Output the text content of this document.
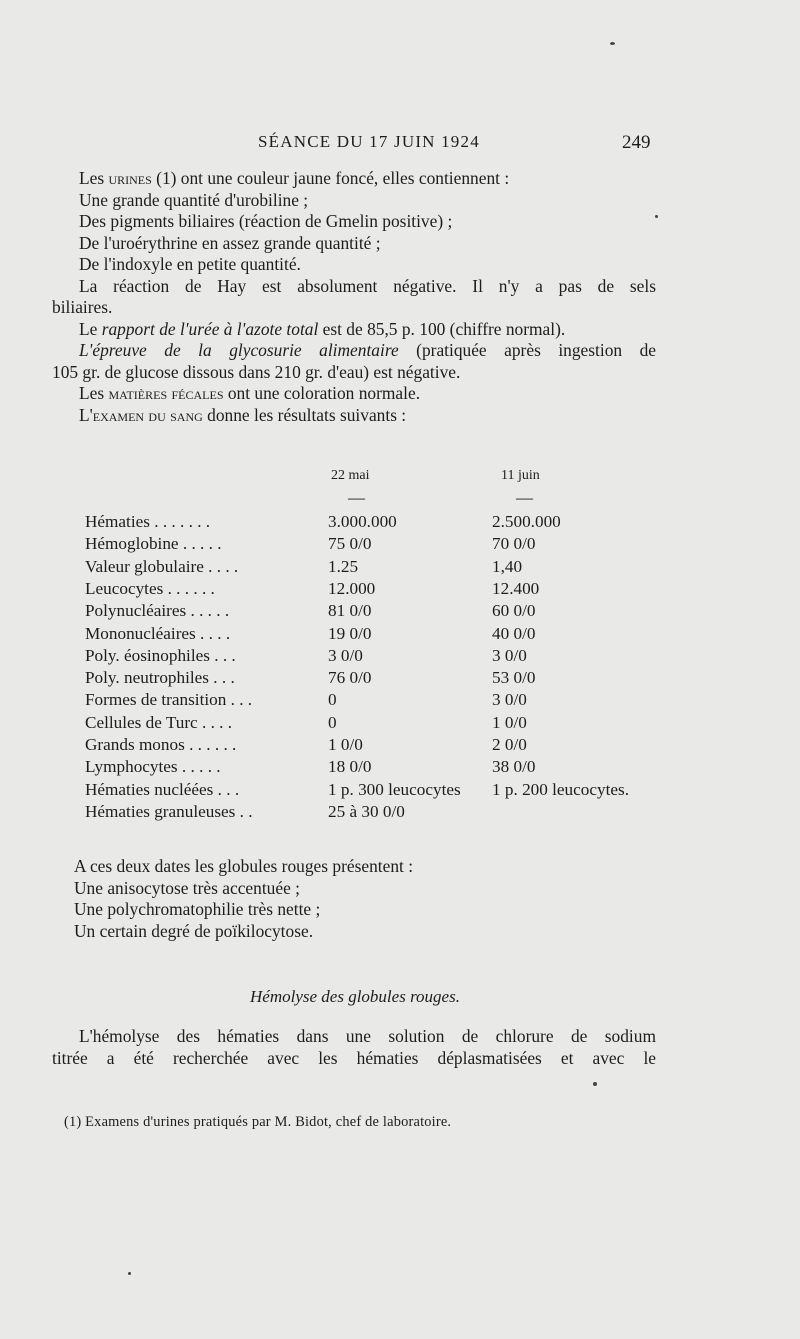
SÉANCE DU 17 JUIN 1924	249

Les urines (1) ont une couleur jaune foncé, elles contiennent :

Une grande quantité d'urobiline ;

Des pigments biliaires (réaction de Gmelin positive) ;

De l'uroérythrine en assez grande quantité ;

De l'indoxyle en petite quantité.

La réaction de Hay est absolument négative. Il n'y a pas de sels

biliaires.

Le rapport de l'urée à l'azote total est de 85,5 p. 100 (chiffre normal).

L'épreuve de la glycosurie alimentaire (pratiquée après ingestion de

105 gr. de glucose dissous dans 210 gr. d'eau) est négative.

Les matières fécales ont une coloration normale.

L'examen du sang donne les résultats suivants :

22 mai	11 juin
—	—
Hématies . . . . . . .	3.000.000	2.500.000
Hémoglobine . . . . .	75 0/0	70 0/0
Valeur globulaire . . . .	1.25	1,40
Leucocytes . . . . . .	12.000	12.400
Polynucléaires . . . . .	81 0/0	60 0/0
Mononucléaires . . . .	19 0/0	40 0/0
Poly. éosinophiles . . .	3 0/0	3 0/0
Poly. neutrophiles . . .	76 0/0	53 0/0
Formes de transition . . .	0	3 0/0
Cellules de Turc . . . .	0	1 0/0
Grands monos . . . . . .	1 0/0	2 0/0
Lymphocytes . . . . .	18 0/0	38 0/0
Hématies nucléées . . .	1 p. 300 leucocytes 1 p. 200 leucocytes.
Hématies granuleuses . .	25 à 30 0/0

A ces deux dates les globules rouges présentent :

Une anisocytose très accentuée ;

Une polychromatophilie très nette ;

Un certain degré de poïkilocytose.

Hémolyse des globules rouges.

L'hémolyse des hématies dans une solution de chlorure de sodium

titrée a été recherchée avec les hématies déplasmatisées et avec le

(1) Examens d'urines pratiqués par M. Bidot, chef de laboratoire.
